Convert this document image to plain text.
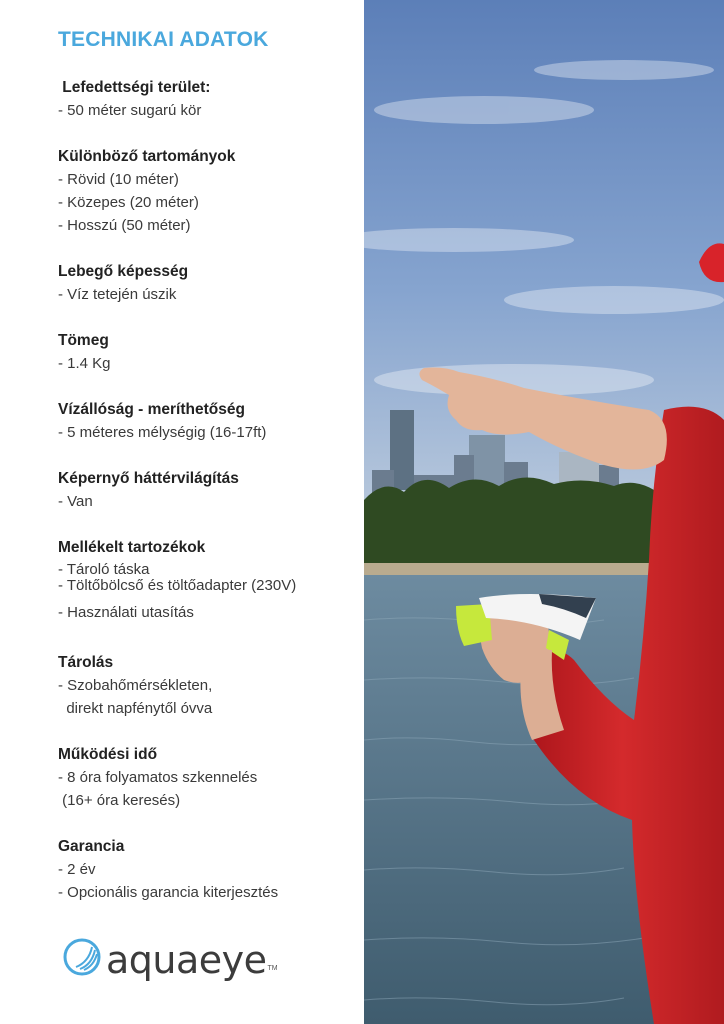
TECHNIKAI ADATOK
Lefedettségi terület:
- 50 méter sugarú kör
Különböző tartományok
- Rövid (10 méter)
- Közepes (20 méter)
- Hosszú (50 méter)
Lebegő képesség
- Víz tetején úszik
Tömeg
- 1.4 Kg
Vízállóság - meríthetőség
- 5 méteres mélységig (16-17ft)
Képernyő háttérvilágítás
- Van
Mellékelt tartozékok
- Tároló táska
- Töltőbölcső és töltőadapter (230V)
- Használati utasítás
Tárolás
- Szobahőmérsékleten,
direkt napfénytől óvva
Működési idő
- 8 óra folyamatos szkennelés
(16+ óra keresés)
Garancia
- 2 év
- Opcionális garancia kiterjesztés
aquaeye TM
